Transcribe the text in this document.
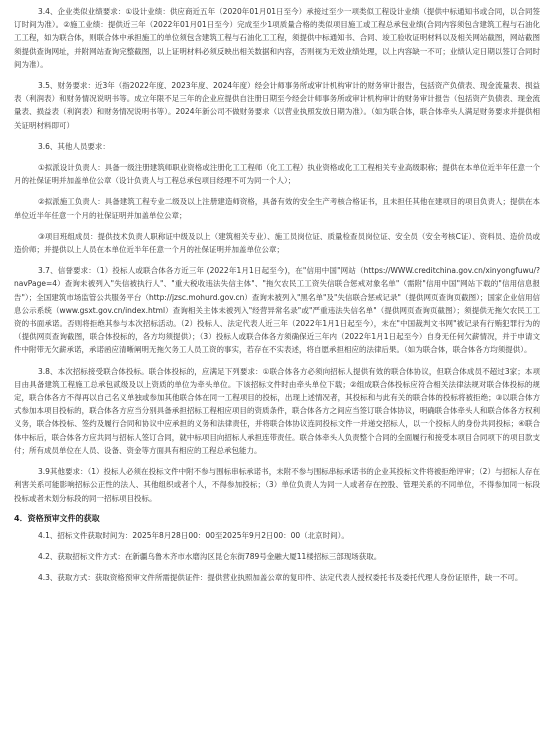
3.4、企业类似业绩要求：①设计业绩：供应商近五年（2020年01月01日至今）承接过至少一项类似工程设计业绩（提供中标通知书或合同，以合同签订时间为准）。②施工业绩：提供近三年（2022年01月01日至今）完成至少1项质量合格的类似项目施工或工程总承包业绩(合同内容须包含建筑工程与石油化工工程，如为联合体，则联合体中承担施工的单位须包含建筑工程与石油化工工程，须提供中标通知书、合同、竣工验收证明材料以及相关网站截图，网站截图须提供查询网址，并附网站查询完整截图，以上证明材料必须反映出相关数据和内容，否则视为无效业绩处理，以上内容缺一不可；业绩认定日期以签订合同时间为准）。

3.5、财务要求：近3年（指2022年度、2023年度、2024年度）经会计师事务所或审计机构审计的财务审计报告，包括资产负债表、现金流量表、损益表（利润表）和财务情况说明书等。成立年限不足三年的企业应提供自注册日期至今经会计师事务所或审计机构审计的财务审计报告（包括资产负债表、现金流量表、损益表（利润表）和财务情况说明书等）。2024年新公司不做财务要求（以营业执照发放日期为准）。（如为联合体，联合体牵头人满足财务要求并提供相关证明材料即可）

3.6、其他人员要求：

①拟派设计负责人：具备一级注册建筑师职业资格或注册化工工程师（化工工程）执业资格或化工工程相关专业高级职称；提供在本单位近半年任意一个月的社保证明并加盖单位公章（设计负责人与工程总承包项目经理不可为同一个人）；

②拟派施工负责人：具备建筑工程专业二级及以上注册建造师资格，具备有效的安全生产考核合格证书，且未担任其他在建项目的项目负责人；提供在本单位近半年任意一个月的社保证明并加盖单位公章；

③项目班组成员：提供技术负责人职称证中级及以上（建筑相关专业）、施工员岗位证、质量检查员岗位证、安全员（安全考核C证）、资料员、造价员或造价师；并提供以上人员在本单位近半年任意一个月的社保证明并加盖单位公章；

3.7、信誉要求：（1）投标人或联合体各方近三年 (2022年1月1日起至今)，在"信用中国"网站（https://WWW.creditchina.gov.cn/xinyongfuwu/?navPage=4）查询未被列入"失信被执行人"、"重大税收违法失信主体"、"拖欠农民工工资失信联合惩戒对象名单"（需附"信用中国"网站下载的"信用信息报告"）；全国建筑市场监管公共服务平台（http://jzsc.mohurd.gov.cn）查询未被列入"黑名单"及"失信联合惩戒记录"（提供网页查询页截图）；国家企业信用信息公示系统（www.gsxt.gov.cn/index.html）查询相关主体未被列入"经营异常名录"或"严重违法失信名单"（提供网页查询页截图）；须提供无拖欠农民工工资的书面承诺。否则将拒绝其参与本次招标活动。（2）投标人、法定代表人近三年（2022年1月1日起至今），未在"中国裁判文书网"被记录有行贿犯罪行为的（提供网页查询截图，联合体投标的，各方均须提供）；（3）投标人或联合体各方须确保近三年内（2022年1月1日起至今）自身无任何欠薪情况，并于申请文件中附带无欠薪承诺，承诺函应清晰阐明无拖欠务工人员工资的事实，若存在不实表述，将自愿承担相应的法律后果。（如为联合体，联合体各方均须提供）。

3.8、本次招标接受联合体投标。联合体投标的，应满足下列要求：①联合体各方必须向招标人提供有效的联合体协议，但联合体成员不超过3家；本项目由具备建筑工程施工总承包贰级及以上资质的单位为牵头单位。下该招标文件时由牵头单位下载；②组成联合体投标应符合相关法律法规对联合体投标的规定，联合体各方不得再以自己名义单独或参加其他联合体在同一工程项目的投标，出现上述情况者，其投标和与此有关的联合体的投标将被拒绝；③以联合体方式参加本项目投标的，联合体各方应当分别具备承担招标工程相应项目的资质条件，联合体各方之间应当签订联合体协议，明确联合体牵头人和联合体各方权利义务，联合体投标、签约及履行合同和协议中应承担的义务和法律责任，并将联合体协议连同投标文件一并递交招标人，以一个投标人的身份共同投标；④联合体中标后，联合体各方应共同与招标人签订合同，就中标项目向招标人承担连带责任。联合体牵头人负责整个合同的全面履行和接受本项目合同项下的项目款支付；所有成员单位在人员、设备、资金等方面具有相应的工程总承包能力。

3.9其他要求：（1）投标人必须在投标文件中附不参与围标串标承诺书，未附不参与围标串标承诺书的企业其投标文件将被拒绝评审；（2）与招标人存在利害关系可能影响招标公正性的法人、其他组织或者个人，不得参加投标；（3）单位负责人为同一人或者存在控股、管理关系的不同单位，不得参加同一标段投标或者未划分标段的同一招标项目投标。

4．资格预审文件的获取

4.1、招标文件获取时间为：2025年8月28日00：00至2025年9月2日00：00（北京时间）。

4.2、获取招标文件方式：在新疆乌鲁木齐市水磨沟区昆仑东街789号金融大厦11楼招标三部现场获取。

4.3、获取方式：获取资格预审文件所需提供证件：提供营业执照加盖公章的复印件、法定代表人授权委托书及委托代理人身份证原件，缺一不可。
